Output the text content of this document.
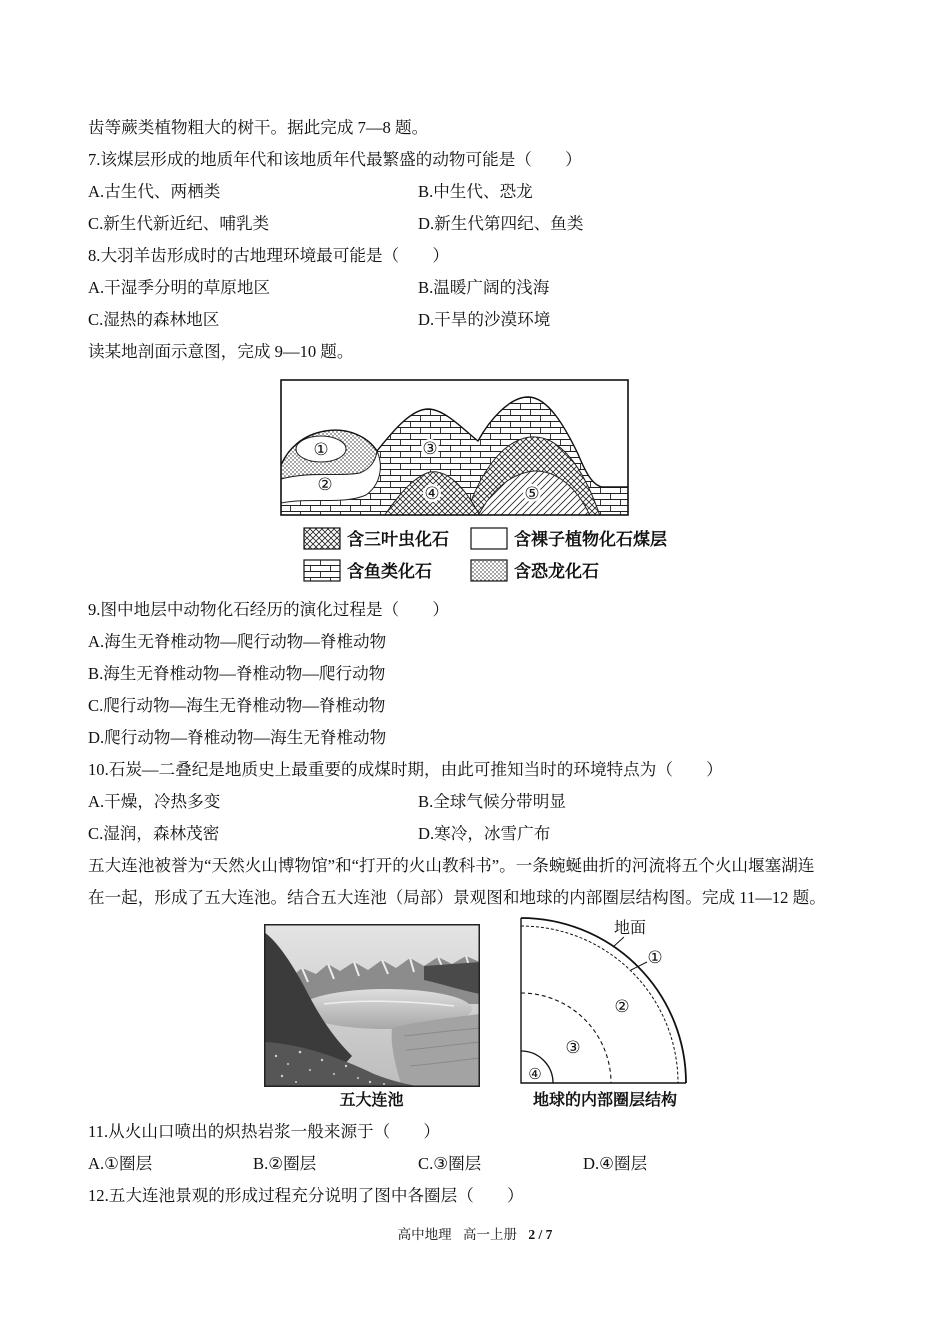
齿等蕨类植物粗大的树干。据此完成 7—8 题。
7.该煤层形成的地质年代和该地质年代最繁盛的动物可能是（　　）
A.古生代、两栖类	B.中生代、恐龙
C.新生代新近纪、哺乳类	D.新生代第四纪、鱼类
8.大羽羊齿形成时的古地理环境最可能是（　　）
A.干湿季分明的草原地区	B.温暖广阔的浅海
C.湿热的森林地区	D.干旱的沙漠环境
读某地剖面示意图，完成 9—10 题。
①
②
③
④	⑤
含三叶虫化石	含裸子植物化石煤层
含鱼类化石	含恐龙化石
9.图中地层中动物化石经历的演化过程是（　　）
A.海生无脊椎动物—爬行动物—脊椎动物
B.海生无脊椎动物—脊椎动物—爬行动物
C.爬行动物—海生无脊椎动物—脊椎动物
D.爬行动物—脊椎动物—海生无脊椎动物
10.石炭—二叠纪是地质史上最重要的成煤时期，由此可推知当时的环境特点为（　　）
A.干燥，冷热多变	B.全球气候分带明显
C.湿润，森林茂密	D.寒冷，冰雪广布
五大连池被誉为“天然火山博物馆”和“打开的火山教科书”。一条蜿蜒曲折的河流将五个火山堰塞湖连
在一起，形成了五大连池。结合五大连池（局部）景观图和地球的内部圈层结构图。完成 11—12 题。
五大连池
地面
①
②
③
④
地球的内部圈层结构
11.从火山口喷出的炽热岩浆一般来源于（　　）
A.①圈层	B.②圈层	C.③圈层	D.④圈层
12.五大连池景观的形成过程充分说明了图中各圈层（　　）
高中地理 高一上册 2 / 7
